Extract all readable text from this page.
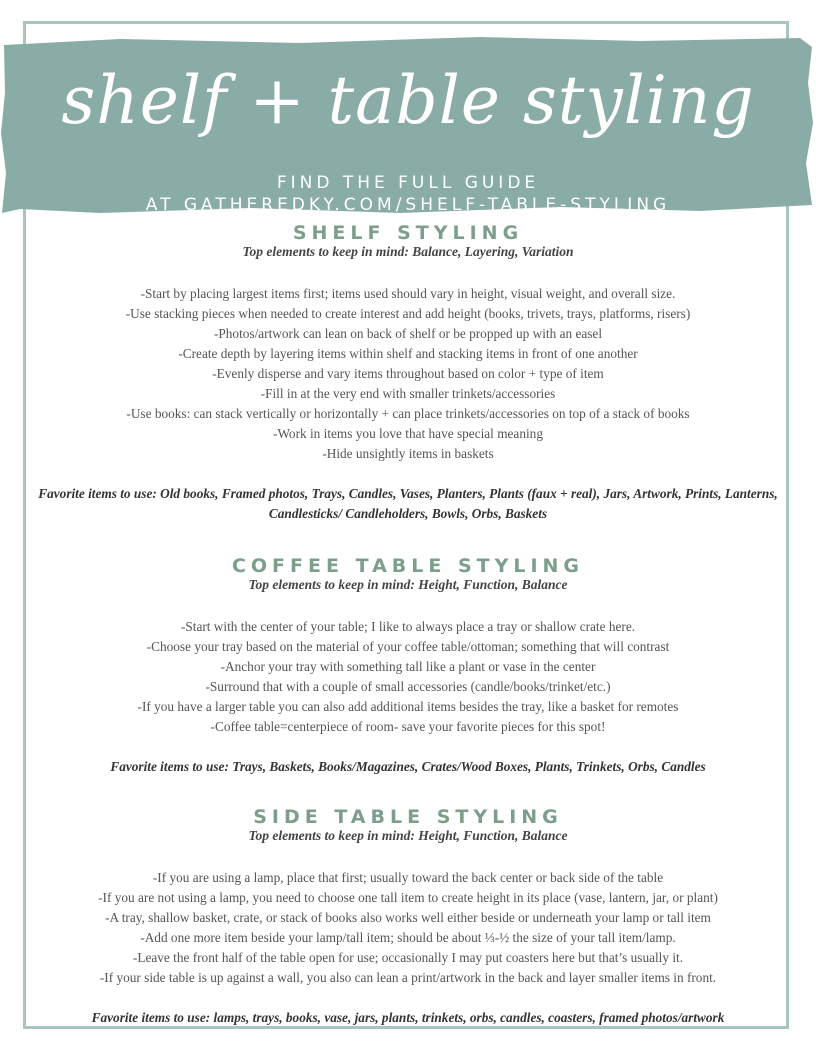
shelf + table styling
FIND THE FULL GUIDE
AT GATHEREDKY.COM/SHELF-TABLE-STYLING
SHELF STYLING

Top elements to keep in mind: Balance, Layering, Variation

-Start by placing largest items first; items used should vary in height, visual weight, and overall size.

-Use stacking pieces when needed to create interest and add height (books, trivets, trays, platforms, risers)

-Photos/artwork can lean on back of shelf or be propped up with an easel

-Create depth by layering items within shelf and stacking items in front of one another

-Evenly disperse and vary items throughout based on color + type of item

-Fill in at the very end with smaller trinkets/accessories

-Use books: can stack vertically or horizontally + can place trinkets/accessories on top of a stack of books

-Work in items you love that have special meaning

-Hide unsightly items in baskets

Favorite items to use: Old books, Framed photos, Trays, Candles, Vases, Planters, Plants (faux + real), Jars, Artwork, Prints, Lanterns, Candlesticks/ Candleholders, Bowls, Orbs, Baskets

COFFEE TABLE STYLING

Top elements to keep in mind: Height, Function, Balance

-Start with the center of your table; I like to always place a tray or shallow crate here.

-Choose your tray based on the material of your coffee table/ottoman; something that will contrast

-Anchor your tray with something tall like a plant or vase in the center

-Surround that with a couple of small accessories (candle/books/trinket/etc.)

-If you have a larger table you can also add additional items besides the tray, like a basket for remotes

-Coffee table=centerpiece of room- save your favorite pieces for this spot!

Favorite items to use: Trays, Baskets, Books/Magazines, Crates/Wood Boxes, Plants, Trinkets, Orbs, Candles

SIDE TABLE STYLING

Top elements to keep in mind: Height, Function, Balance

-If you are using a lamp, place that first; usually toward the back center or back side of the table

-If you are not using a lamp, you need to choose one tall item to create height in its place (vase, lantern, jar, or plant)

-A tray, shallow basket, crate, or stack of books also works well either beside or underneath your lamp or tall item

-Add one more item beside your lamp/tall item; should be about ⅓-½ the size of your tall item/lamp.

-Leave the front half of the table open for use; occasionally I may put coasters here but that’s usually it.

-If your side table is up against a wall, you also can lean a print/artwork in the back and layer smaller items in front.

Favorite items to use: lamps, trays, books, vase, jars, plants, trinkets, orbs, candles, coasters, framed photos/artwork
